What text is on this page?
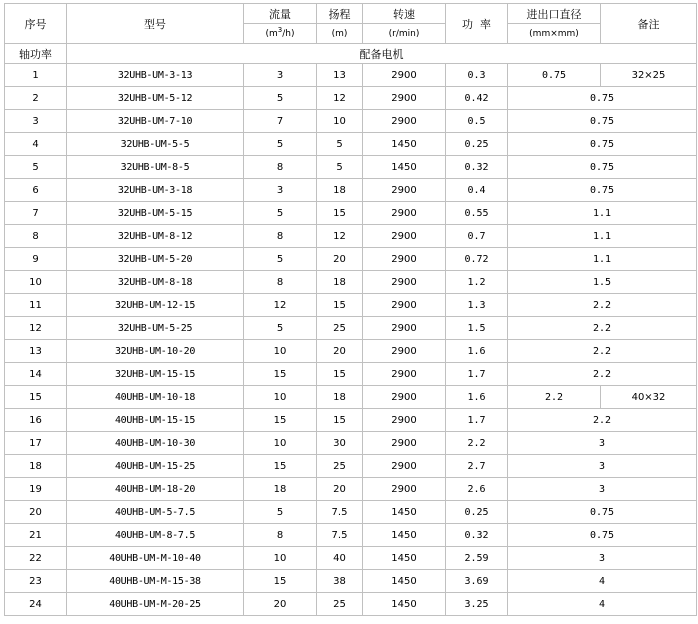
序号	型号	流量	扬程	转速	功  率	进出口直径	备注
		$(m^3/h)$	(m)	(r/min)		(mm×mm)	
轴功率	配备电机						
1	32UHB-UM-3-13	3	13	2900	0.3	0.75	32×25
2	32UHB-UM-5-12	5	12	2900	0.42	0.75	
3	32UHB-UM-7-10	7	10	2900	0.5	0.75	
4	32UHB-UM-5-5	5	5	1450	0.25	0.75	
5	32UHB-UM-8-5	8	5	1450	0.32	0.75	
6	32UHB-UM-3-18	3	18	2900	0.4	0.75	
7	32UHB-UM-5-15	5	15	2900	0.55	1.1	
8	32UHB-UM-8-12	8	12	2900	0.7	1.1	
9	32UHB-UM-5-20	5	20	2900	0.72	1.1	
10	32UHB-UM-8-18	8	18	2900	1.2	1.5	
11	32UHB-UM-12-15	12	15	2900	1.3	2.2	
12	32UHB-UM-5-25	5	25	2900	1.5	2.2	
13	32UHB-UM-10-20	10	20	2900	1.6	2.2	
14	32UHB-UM-15-15	15	15	2900	1.7	2.2	
15	40UHB-UM-10-18	10	18	2900	1.6	2.2	40×32
16	40UHB-UM-15-15	15	15	2900	1.7	2.2	
17	40UHB-UM-10-30	10	30	2900	2.2	3	
18	40UHB-UM-15-25	15	25	2900	2.7	3	
19	40UHB-UM-18-20	18	20	2900	2.6	3	
20	40UHB-UM-5-7.5	5	7.5	1450	0.25	0.75	
21	40UHB-UM-8-7.5	8	7.5	1450	0.32	0.75	
22	40UHB-UM-M-10-40	10	40	1450	2.59	3	
23	40UHB-UM-M-15-38	15	38	1450	3.69	4	
24	40UHB-UM-M-20-25	20	25	1450	3.25	4	
